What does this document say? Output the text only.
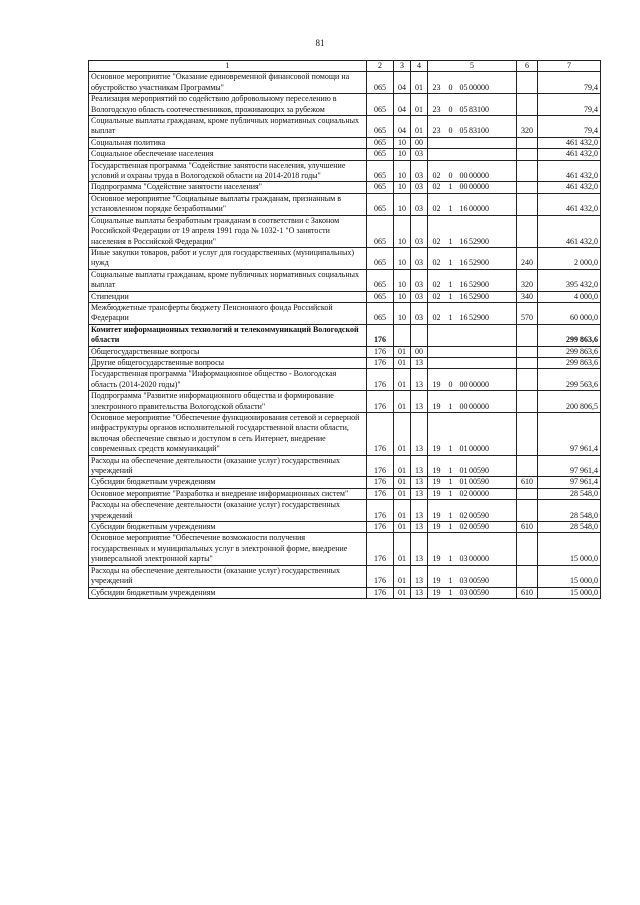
81
1	2	3	4	5	6	7
Основное мероприятие "Оказание единовременной финансовой помощи на обустройство участникам Программы"	065	04	01	23 0 05 00000		79,4
Реализация мероприятий по содействию добровольному переселению в Вологодскую область соотечественников, проживающих за рубежом	065	04	01	23 0 05 83100		79,4
Социальные выплаты гражданам, кроме публичных нормативных социальных выплат	065	04	01	23 0 05 83100	320	79,4
Социальная политика	065	10	00			461 432,0
Социальное обеспечение населения	065	10	03			461 432,0
Государственная программа "Содействие занятости населения, улучшение условий и охраны труда в Вологодской области на 2014-2018 годы"	065	10	03	02 0 00 00000		461 432,0
Подпрограмма "Содействие занятости населения"	065	10	03	02 1 00 00000		461 432,0
Основное мероприятие "Социальные выплаты гражданам, признанным в установленном порядке безработными"	065	10	03	02 1 16 00000		461 432,0
Социальные выплаты безработным гражданам в соответствии с Законом Российской Федерации от 19 апреля 1991 года № 1032-1 "О занятости населения в Российской Федерации"	065	10	03	02 1 16 52900		461 432,0
Иные закупки товаров, работ и услуг для государственных (муниципальных) нужд	065	10	03	02 1 16 52900	240	2 000,0
Социальные выплаты гражданам, кроме публичных нормативных социальных выплат	065	10	03	02 1 16 52900	320	395 432,0
Стипендии	065	10	03	02 1 16 52900	340	4 000,0
Межбюджетные трансферты бюджету Пенсионного фонда Российской Федерации	065	10	03	02 1 16 52900	570	60 000,0
Комитет информационных технологий и телекоммуникаций Вологодской области	176					299 863,6
Общегосударственные вопросы	176	01	00			299 863,6
Другие общегосударственные вопросы	176	01	13			299 863,6
Государственная программа "Информационное общество - Вологодская область (2014-2020 годы)"	176	01	13	19 0 00 00000		299 563,6
Подпрограмма "Развитие информационного общества и формирование электронного правительства Вологодской области"	176	01	13	19 1 00 00000		200 806,5
Основное мероприятие "Обеспечение функционирования сетевой и серверной инфраструктуры органов исполнительной государственной власти области, включая обеспечение связью и доступом в сеть Интернет, внедрение современных средств коммуникаций"	176	01	13	19 1 01 00000		97 961,4
Расходы на обеспечение деятельности (оказание услуг) государственных учреждений	176	01	13	19 1 01 00590		97 961,4
Субсидии бюджетным учреждениям	176	01	13	19 1 01 00590	610	97 961,4
Основное мероприятие "Разработка и внедрение информационных систем"	176	01	13	19 1 02 00000		28 548,0
Расходы на обеспечение деятельности (оказание услуг) государственных учреждений	176	01	13	19 1 02 00590		28 548,0
Субсидии бюджетным учреждениям	176	01	13	19 1 02 00590	610	28 548,0
Основное мероприятие "Обеспечение возможности получения государственных и муниципальных услуг в электронной форме, внедрение универсальной электронной карты"	176	01	13	19 1 03 00000		15 000,0
Расходы на обеспечение деятельности (оказание услуг) государственных учреждений	176	01	13	19 1 03 00590		15 000,0
Субсидии бюджетным учреждениям	176	01	13	19 1 03 00590	610	15 000,0
